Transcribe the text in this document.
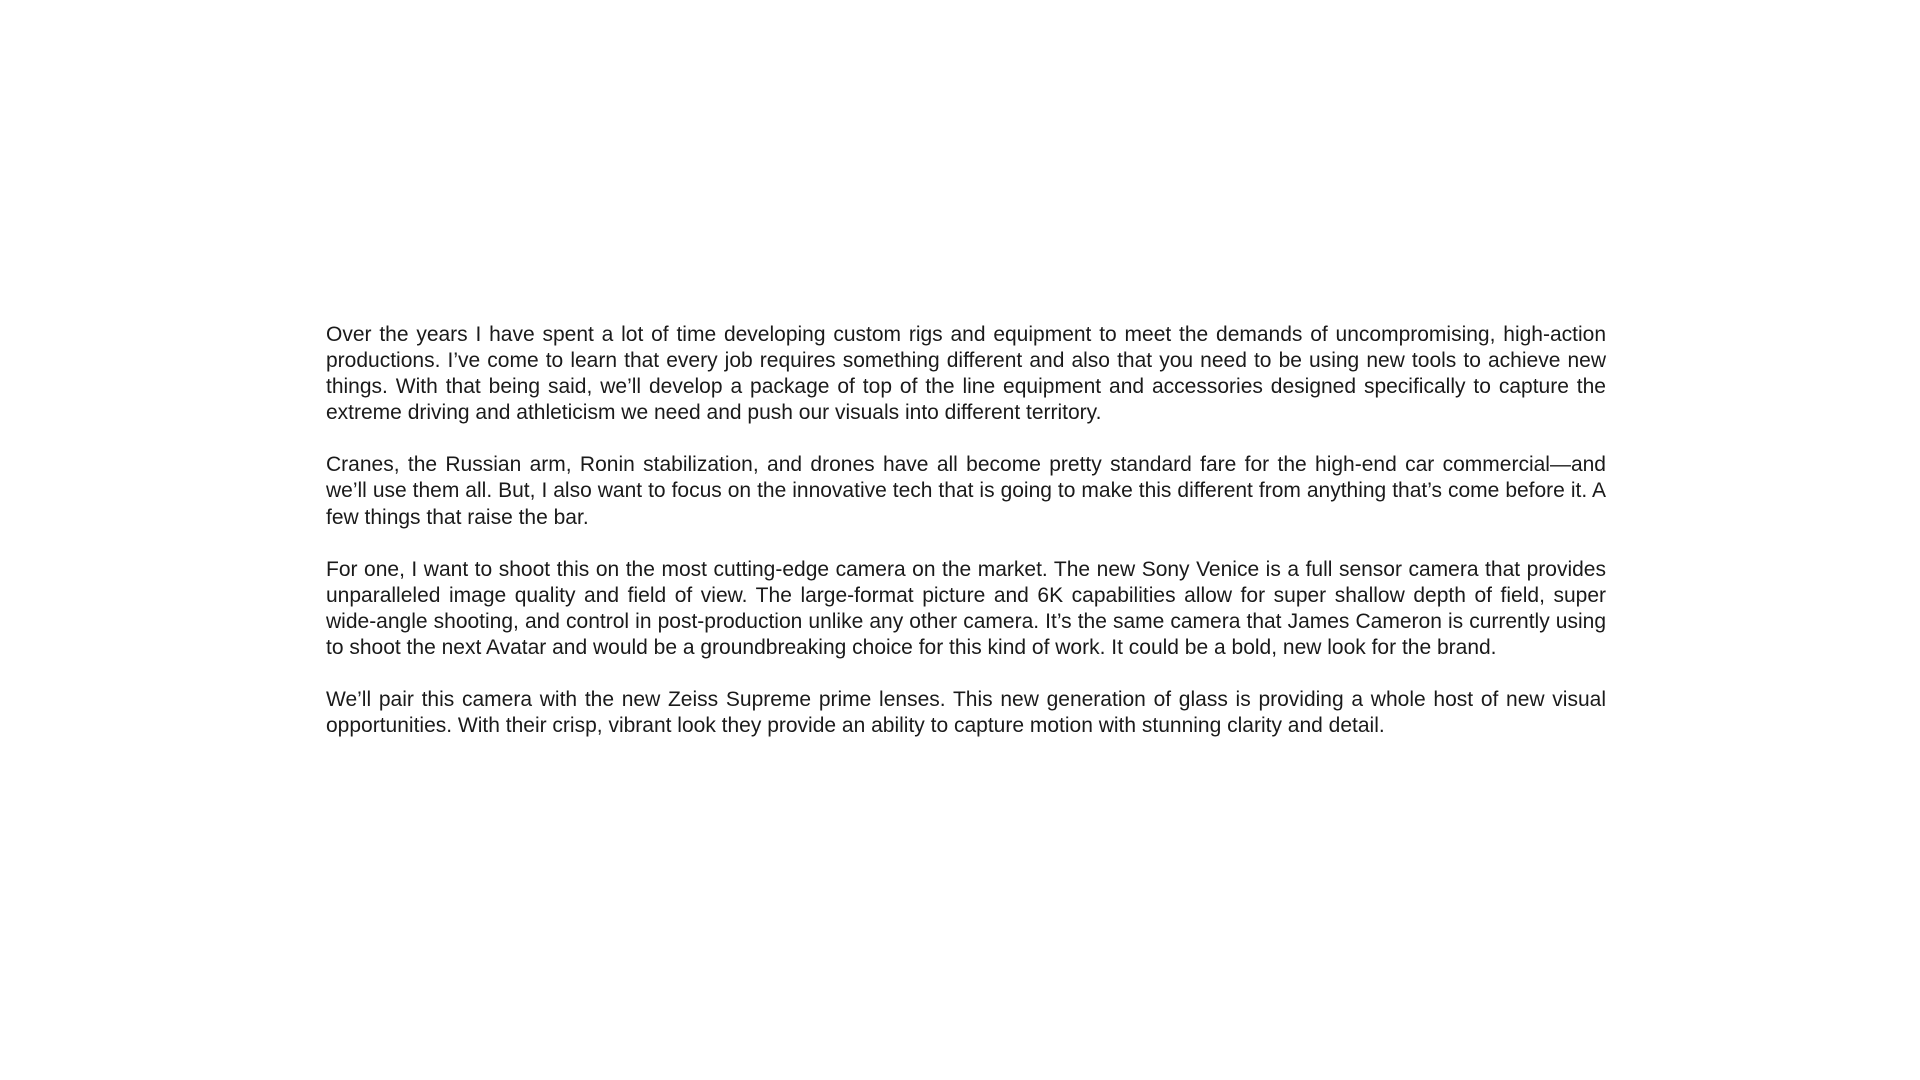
Over the years I have spent a lot of time developing custom rigs and equipment to meet the demands of uncompromising, high-action productions. I’ve come to learn that every job requires something different and also that you need to be using new tools to achieve new things. With that being said, we’ll develop a package of top of the line equipment and accessories designed specifically to capture the extreme driving and athleticism we need and push our visuals into different territory.

Cranes, the Russian arm, Ronin stabilization, and drones have all become pretty standard fare for the high-end car commercial—and we’ll use them all. But, I also want to focus on the innovative tech that is going to make this different from anything that’s come before it. A few things that raise the bar.

For one, I want to shoot this on the most cutting-edge camera on the market. The new Sony Venice is a full sensor camera that provides unparalleled image quality and field of view. The large-format picture and 6K capabilities allow for super shallow depth of field, super wide-angle shooting, and control in post-production unlike any other camera. It’s the same camera that James Cameron is currently using to shoot the next Avatar and would be a groundbreaking choice for this kind of work. It could be a bold, new look for the brand.

We’ll pair this camera with the new Zeiss Supreme prime lenses. This new generation of glass is providing a whole host of new visual opportunities. With their crisp, vibrant look they provide an ability to capture motion with stunning clarity and detail.
